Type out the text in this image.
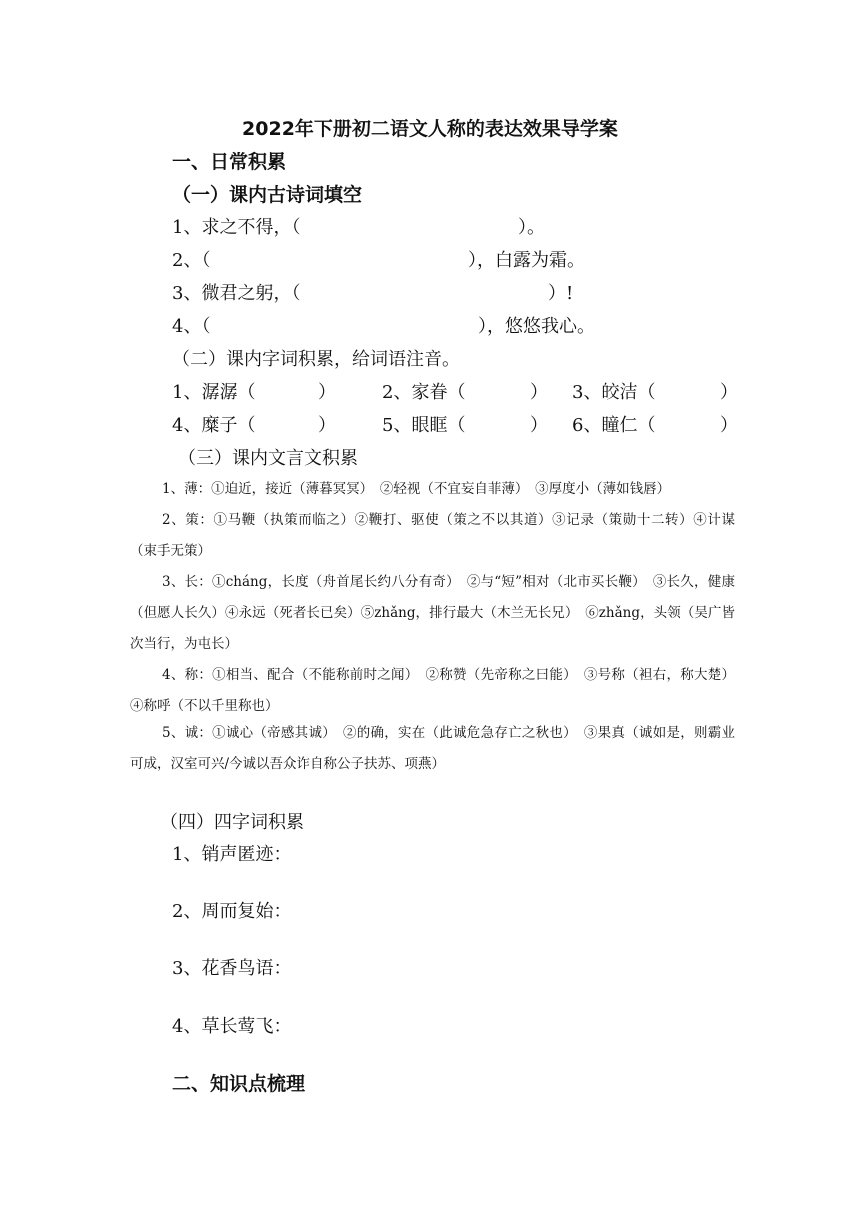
2022年下册初二语文人称的表达效果导学案
一、日常积累
（一）课内古诗词填空
1、求之不得，（	）。
2、（	），白露为霜。
3、微君之躬，（	）!
4、（	），悠悠我心。
（二）课内字词积累，给词语注音。
1、潺潺（	）	2、家眷（	） 3、皎洁（	）
4、糜子（	）	5、眼眶（	） 6、瞳仁（	）
（三）课内文言文积累
1、薄：①迫近，接近（薄暮冥冥）　②轻视（不宜妄自菲薄）　③厚度小（薄如钱唇）
2、策：①马鞭（执策而临之）②鞭打、驱使（策之不以其道）③记录（策勋十二转）④计谋（束手无策）
3、长：①cháng，长度（舟首尾长约八分有奇）　②与“短”相对（北市买长鞭）　③长久，健康（但愿人长久）④永远（死者长已矣）⑤zhǎng，排行最大（木兰无长兄）　⑥zhǎng，头领（吴广皆次当行，为屯长）
4、称：①相当、配合（不能称前时之闻）　②称赞（先帝称之曰能）　③号称（袒右，称大楚）④称呼（不以千里称也）
5、诚：①诚心（帝感其诚）　②的确，实在（此诚危急存亡之秋也）　③果真（诚如是，则霸业可成，汉室可兴/今诚以吾众诈自称公子扶苏、项燕）
（四）四字词积累
1、销声匿迹：
2、周而复始：
3、花香鸟语：
4、草长莺飞：
二、知识点梳理
